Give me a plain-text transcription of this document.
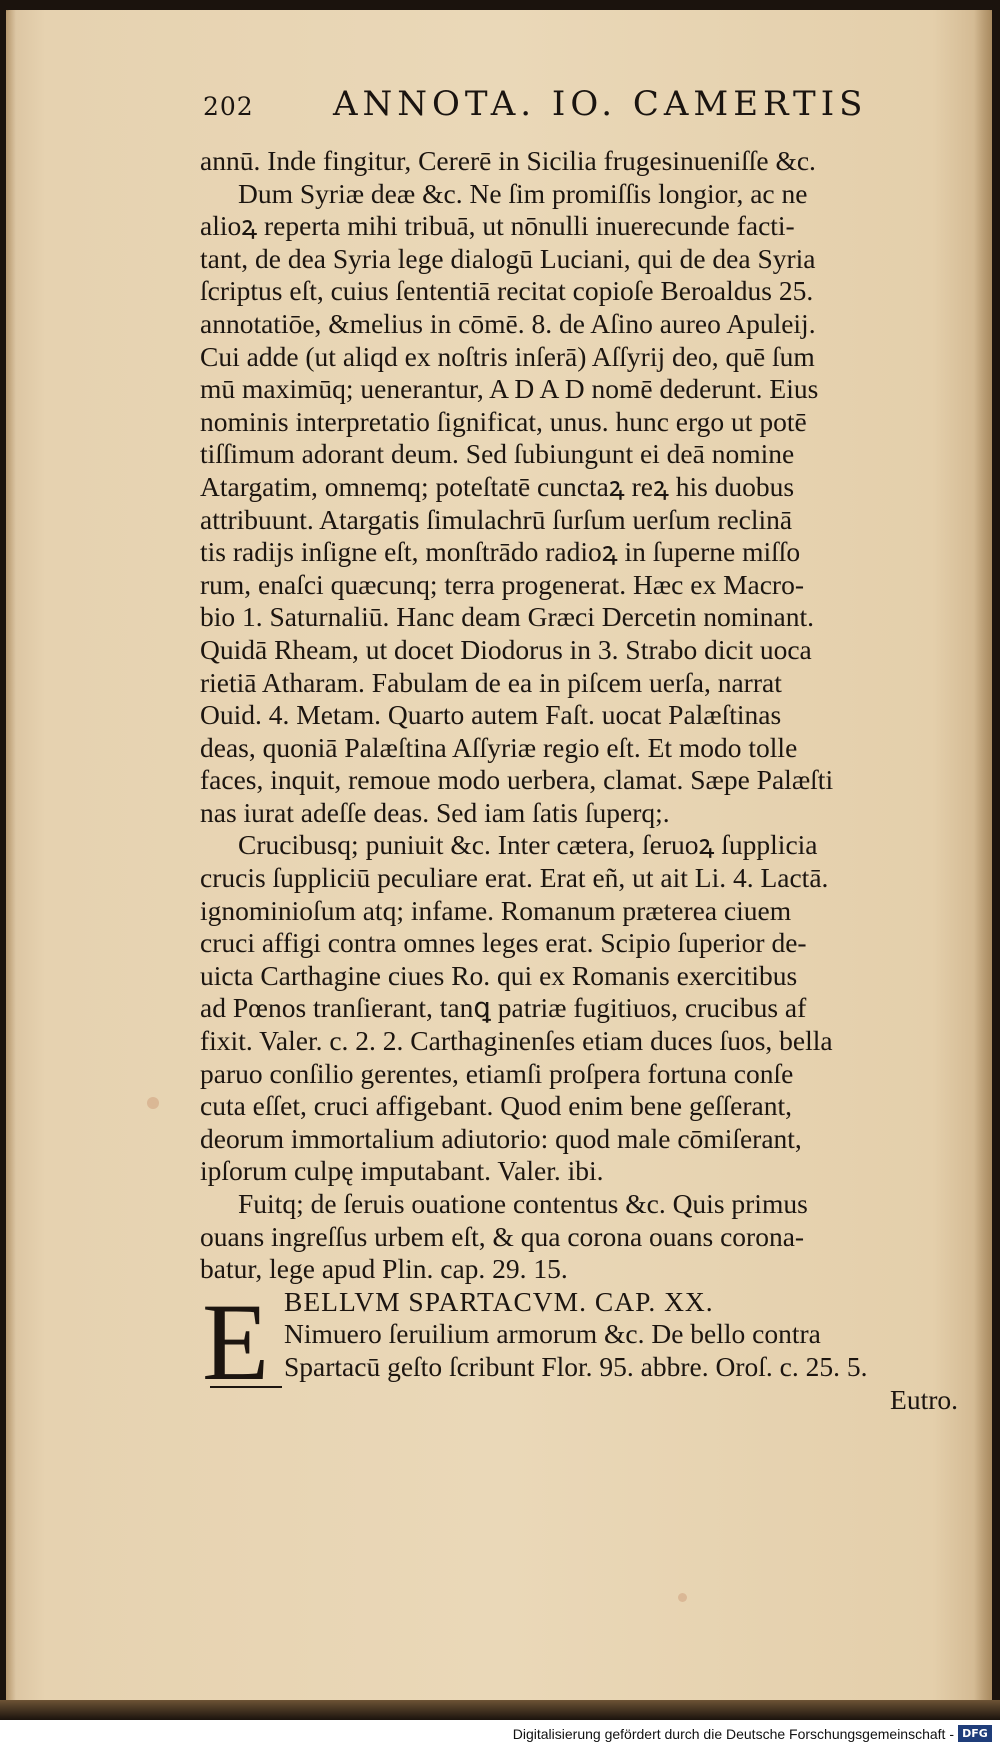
202 ANNOTA. IO. CAMERTIS
annū. Inde fingitur, Cererē in Sicilia frugesinueniſſe &c.
Dum Syriæ deæ &c. Ne ſim promiſſis longior, ac ne
alioꝝ reperta mihi tribuā, ut nōnulli inuerecunde facti-
tant, de dea Syria lege dialogū Luciani, qui de dea Syria
ſcriptus eſt, cuius ſententiā recitat copioſe Beroaldus 25.
annotatiōe, &melius in cōmē. 8. de Aſino aureo Apuleij.
Cui adde (ut aliqd ex noſtris inſerā) Aſſyrij deo, quē ſum
mū maximūq; uenerantur, A D A D nomē dederunt. Eius
nominis interpretatio ſignificat, unus. hunc ergo ut potē
tiſſimum adorant deum. Sed ſubiungunt ei deā nomine
Atargatim, omnemq; poteſtatē cunctaꝝ reꝝ his duobus
attribuunt. Atargatis ſimulachrū ſurſum uerſum reclinā
tis radijs inſigne eſt, monſtrādo radioꝝ in ſuperne miſſo
rum, enaſci quæcunq; terra progenerat. Hæc ex Macro-
bio 1. Saturnaliū. Hanc deam Græci Dercetin nominant.
Quidā Rheam, ut docet Diodorus in 3. Strabo dicit uoca
rietiā Atharam. Fabulam de ea in piſcem uerſa, narrat
Ouid. 4. Metam. Quarto autem Faſt. uocat Palæſtinas
deas, quoniā Palæſtina Aſſyriæ regio eſt. Et modo tolle
faces, inquit, remoue modo uerbera, clamat. Sæpe Palæſti
nas iurat adeſſe deas. Sed iam ſatis ſuperq;.
Crucibusq; puniuit &c. Inter cætera, ſeruoꝝ ſupplicia
crucis ſuppliciū peculiare erat. Erat eñ, ut ait Li. 4. Lactā.
ignominioſum atq; infame. Romanum præterea ciuem
cruci affigi contra omnes leges erat. Scipio ſuperior de-
uicta Carthagine ciues Ro. qui ex Romanis exercitibus
ad Pœnos tranſierant, tanꝗ patriæ fugitiuos, crucibus af
fixit. Valer. c. 2. 2. Carthaginenſes etiam duces ſuos, bella
paruo conſilio gerentes, etiamſi proſpera fortuna conſe
cuta eſſet, cruci affigebant. Quod enim bene geſſerant,
deorum immortalium adiutorio: quod male cōmiſerant,
ipſorum culpę imputabant. Valer. ibi.
Fuitq; de ſeruis ouatione contentus &c. Quis primus
ouans ingreſſus urbem eſt, & qua corona ouans corona-
batur, lege apud Plin. cap. 29. 15.
BELLVM SPARTACVM. CAP. XX.
Nimuero ſeruilium armorum &c. De bello contra
Spartacū geſto ſcribunt Flor. 95. abbre. Oroſ. c. 25. 5.
Eutro.
E
Digitalisierung gefördert durch die Deutsche Forschungsgemeinschaft - DFG
